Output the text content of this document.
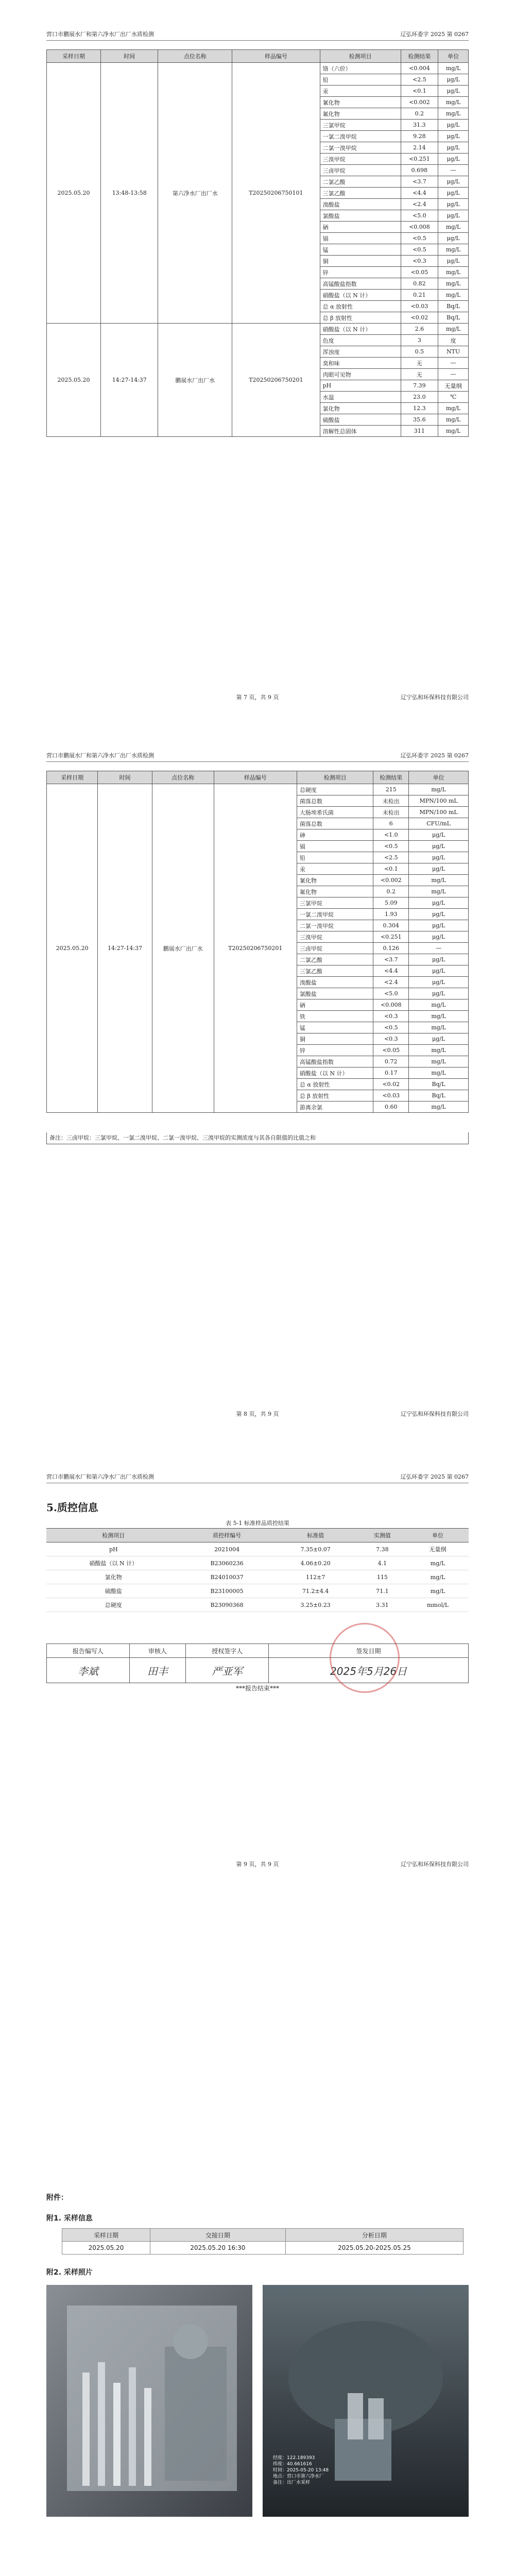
营口市鹏展水厂和第六净水厂出厂水质检测	辽弘环委字 2025 第 0267
采样日期	时间	点位名称	样品编号	检测项目	检测结果	单位
2025.05.20	13:48-13:58	第六净水厂出厂水	T20250206750101	铬（六价）	<0.004	mg/L
				铅	<2.5	μg/L
				汞	<0.1	μg/L
				氰化物	<0.002	mg/L
				氟化物	0.2	mg/L
				三氯甲烷	31.3	μg/L
				一氯二溴甲烷	9.28	μg/L
				二氯一溴甲烷	2.14	μg/L
				三溴甲烷	<0.251	μg/L
				三卤甲烷	0.698	—
				二氯乙酸	<3.7	μg/L
				三氯乙酸	<4.4	μg/L
				溴酸盐	<2.4	μg/L
				氯酸盐	<5.0	μg/L
				硒	<0.008	mg/L
				镉	<0.5	μg/L
				锰	<0.5	mg/L
				铜	<0.3	μg/L
				锌	<0.05	mg/L
				高锰酸盐指数	0.82	mg/L
				硝酸盐（以 N 计）	0.21	mg/L
				总 α 放射性	<0.03	Bq/L
				总 β 放射性	<0.02	Bq/L
2025.05.20	14:27-14:37	鹏展水厂出厂水	T20250206750201	硝酸盐（以 N 计）	2.6	mg/L
				色度	3	度
				浑浊度	0.5	NTU
				臭和味	无	—
				肉眼可见物	无	—
				pH	7.39	无量纲
				水温	23.0	℃
				氯化物	12.3	mg/L
				硫酸盐	35.6	mg/L
				溶解性总固体	311	mg/L
第 7 页，共 9 页	辽宁弘和环保科技有限公司
营口市鹏展水厂和第六净水厂出厂水质检测	辽弘环委字 2025 第 0267
采样日期	时间	点位名称	样品编号	检测项目	检测结果	单位
2025.05.20	14:27-14:37	鹏展水厂出厂水	T20250206750201	总硬度	215	mg/L
				菌落总数	未检出	MPN/100 mL
				大肠埃希氏菌	未检出	MPN/100 mL
				菌落总数	6	CFU/mL
				砷	<1.0	μg/L
				镉	<0.5	μg/L
				铅	<2.5	μg/L
				汞	<0.1	μg/L
				氰化物	<0.002	mg/L
				氟化物	0.2	mg/L
				三氯甲烷	5.09	μg/L
				一氯二溴甲烷	1.93	μg/L
				二氯一溴甲烷	0.304	μg/L
				三溴甲烷	<0.251	μg/L
				三卤甲烷	0.126	—
				二氯乙酸	<3.7	μg/L
				三氯乙酸	<4.4	μg/L
				溴酸盐	<2.4	μg/L
				氯酸盐	<5.0	μg/L
				硒	<0.008	mg/L
				铁	<0.3	mg/L
				锰	<0.5	mg/L
				铜	<0.3	μg/L
				锌	<0.05	mg/L
				高锰酸盐指数	0.72	mg/L
				硝酸盐（以 N 计）	0.17	mg/L
				总 α 放射性	<0.02	Bq/L
				总 β 放射性	<0.03	Bq/L
				游离余氯	0.60	mg/L
备注：三卤甲烷：三氯甲烷、一氯二溴甲烷、二氯一溴甲烷、三溴甲烷的实测浓度与其各自限值的比值之和
第 8 页，共 9 页	辽宁弘和环保科技有限公司
营口市鹏展水厂和第六净水厂出厂水质检测	辽弘环委字 2025 第 0267
5.质控信息
表 5-1 标准样品质控结果
检测项目	质控样编号	标准值	实测值	单位
pH	2021004	7.35±0.07	7.38	无量纲
硝酸盐（以 N 计）	B23060236	4.06±0.20	4.1	mg/L
氯化物	B24010037	112±7	115	mg/L
硫酸盐	B23100005	71.2±4.4	71.1	mg/L
总硬度	B23090368	3.25±0.23	3.31	mmol/L
报告编写人	审核人	授权签字人	签发日期
李斌	田丰	严亚军	2025年5月26日
***报告结束***
第 9 页，共 9 页	辽宁弘和环保科技有限公司
附件：
附1. 采样信息
采样日期	交接日期	分析日期
2025.05.20	2025.05.20 16:30	2025.05.20-2025.05.25
附2. 采样照片
经度：122.189393
纬度：40.661616
时间：2025-05-20 13:48
地点：营口市第六净水厂
备注：出厂水采样
